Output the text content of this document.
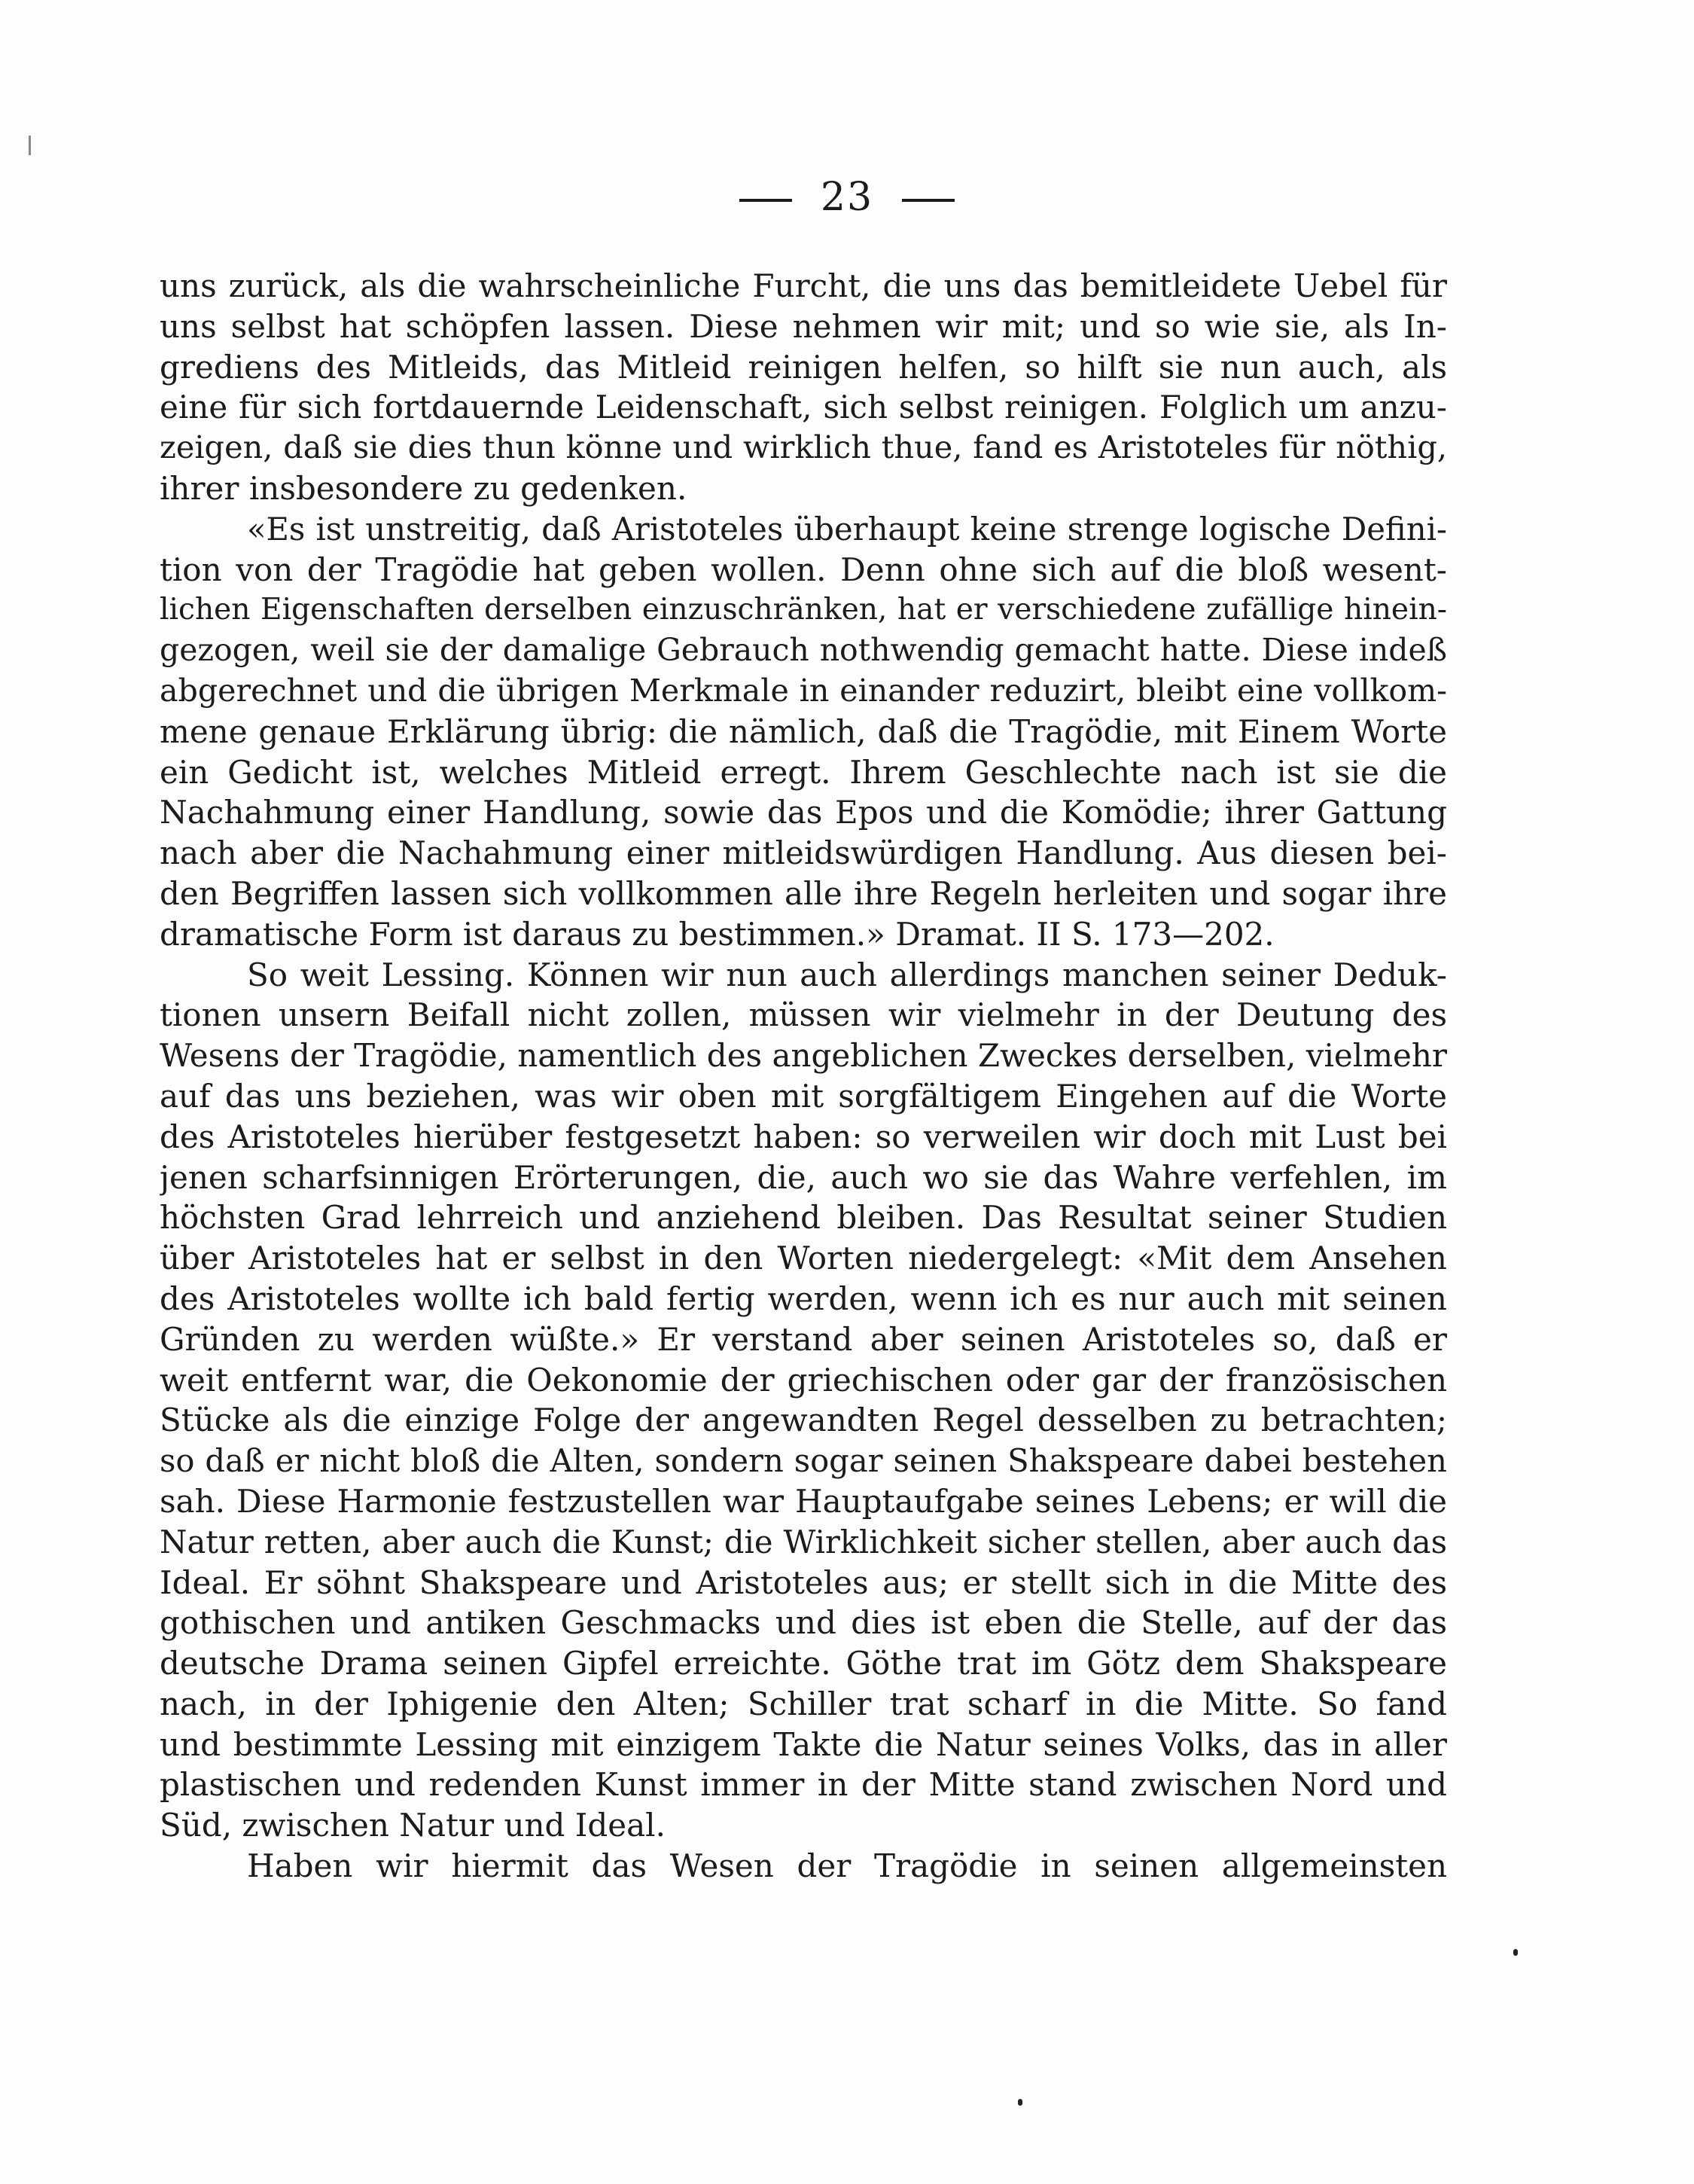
23
uns zurück, als die wahrscheinliche Furcht, die uns das bemitleidete Uebel für
uns selbst hat schöpfen lassen. Diese nehmen wir mit; und so wie sie, als In-
grediens des Mitleids, das Mitleid reinigen helfen, so hilft sie nun auch, als
eine für sich fortdauernde Leidenschaft, sich selbst reinigen. Folglich um anzu-
zeigen, daß sie dies thun könne und wirklich thue, fand es Aristoteles für nöthig,
ihrer insbesondere zu gedenken.
«Es ist unstreitig, daß Aristoteles überhaupt keine strenge logische Defini-
tion von der Tragödie hat geben wollen. Denn ohne sich auf die bloß wesent-
lichen Eigenschaften derselben einzuschränken, hat er verschiedene zufällige hinein-
gezogen, weil sie der damalige Gebrauch nothwendig gemacht hatte. Diese indeß
abgerechnet und die übrigen Merkmale in einander reduzirt, bleibt eine vollkom-
mene genaue Erklärung übrig: die nämlich, daß die Tragödie, mit Einem Worte
ein Gedicht ist, welches Mitleid erregt. Ihrem Geschlechte nach ist sie die
Nachahmung einer Handlung, sowie das Epos und die Komödie; ihrer Gattung
nach aber die Nachahmung einer mitleidswürdigen Handlung. Aus diesen bei-
den Begriffen lassen sich vollkommen alle ihre Regeln herleiten und sogar ihre
dramatische Form ist daraus zu bestimmen.» Dramat. II S. 173—202.
So weit Lessing. Können wir nun auch allerdings manchen seiner Deduk-
tionen unsern Beifall nicht zollen, müssen wir vielmehr in der Deutung des
Wesens der Tragödie, namentlich des angeblichen Zweckes derselben, vielmehr
auf das uns beziehen, was wir oben mit sorgfältigem Eingehen auf die Worte
des Aristoteles hierüber festgesetzt haben: so verweilen wir doch mit Lust bei
jenen scharfsinnigen Erörterungen, die, auch wo sie das Wahre verfehlen, im
höchsten Grad lehrreich und anziehend bleiben. Das Resultat seiner Studien
über Aristoteles hat er selbst in den Worten niedergelegt: «Mit dem Ansehen
des Aristoteles wollte ich bald fertig werden, wenn ich es nur auch mit seinen
Gründen zu werden wüßte.» Er verstand aber seinen Aristoteles so, daß er
weit entfernt war, die Oekonomie der griechischen oder gar der französischen
Stücke als die einzige Folge der angewandten Regel desselben zu betrachten;
so daß er nicht bloß die Alten, sondern sogar seinen Shakspeare dabei bestehen
sah. Diese Harmonie festzustellen war Hauptaufgabe seines Lebens; er will die
Natur retten, aber auch die Kunst; die Wirklichkeit sicher stellen, aber auch das
Ideal. Er söhnt Shakspeare und Aristoteles aus; er stellt sich in die Mitte des
gothischen und antiken Geschmacks und dies ist eben die Stelle, auf der das
deutsche Drama seinen Gipfel erreichte. Göthe trat im Götz dem Shakspeare
nach, in der Iphigenie den Alten; Schiller trat scharf in die Mitte. So fand
und bestimmte Lessing mit einzigem Takte die Natur seines Volks, das in aller
plastischen und redenden Kunst immer in der Mitte stand zwischen Nord und
Süd, zwischen Natur und Ideal.
Haben wir hiermit das Wesen der Tragödie in seinen allgemeinsten
